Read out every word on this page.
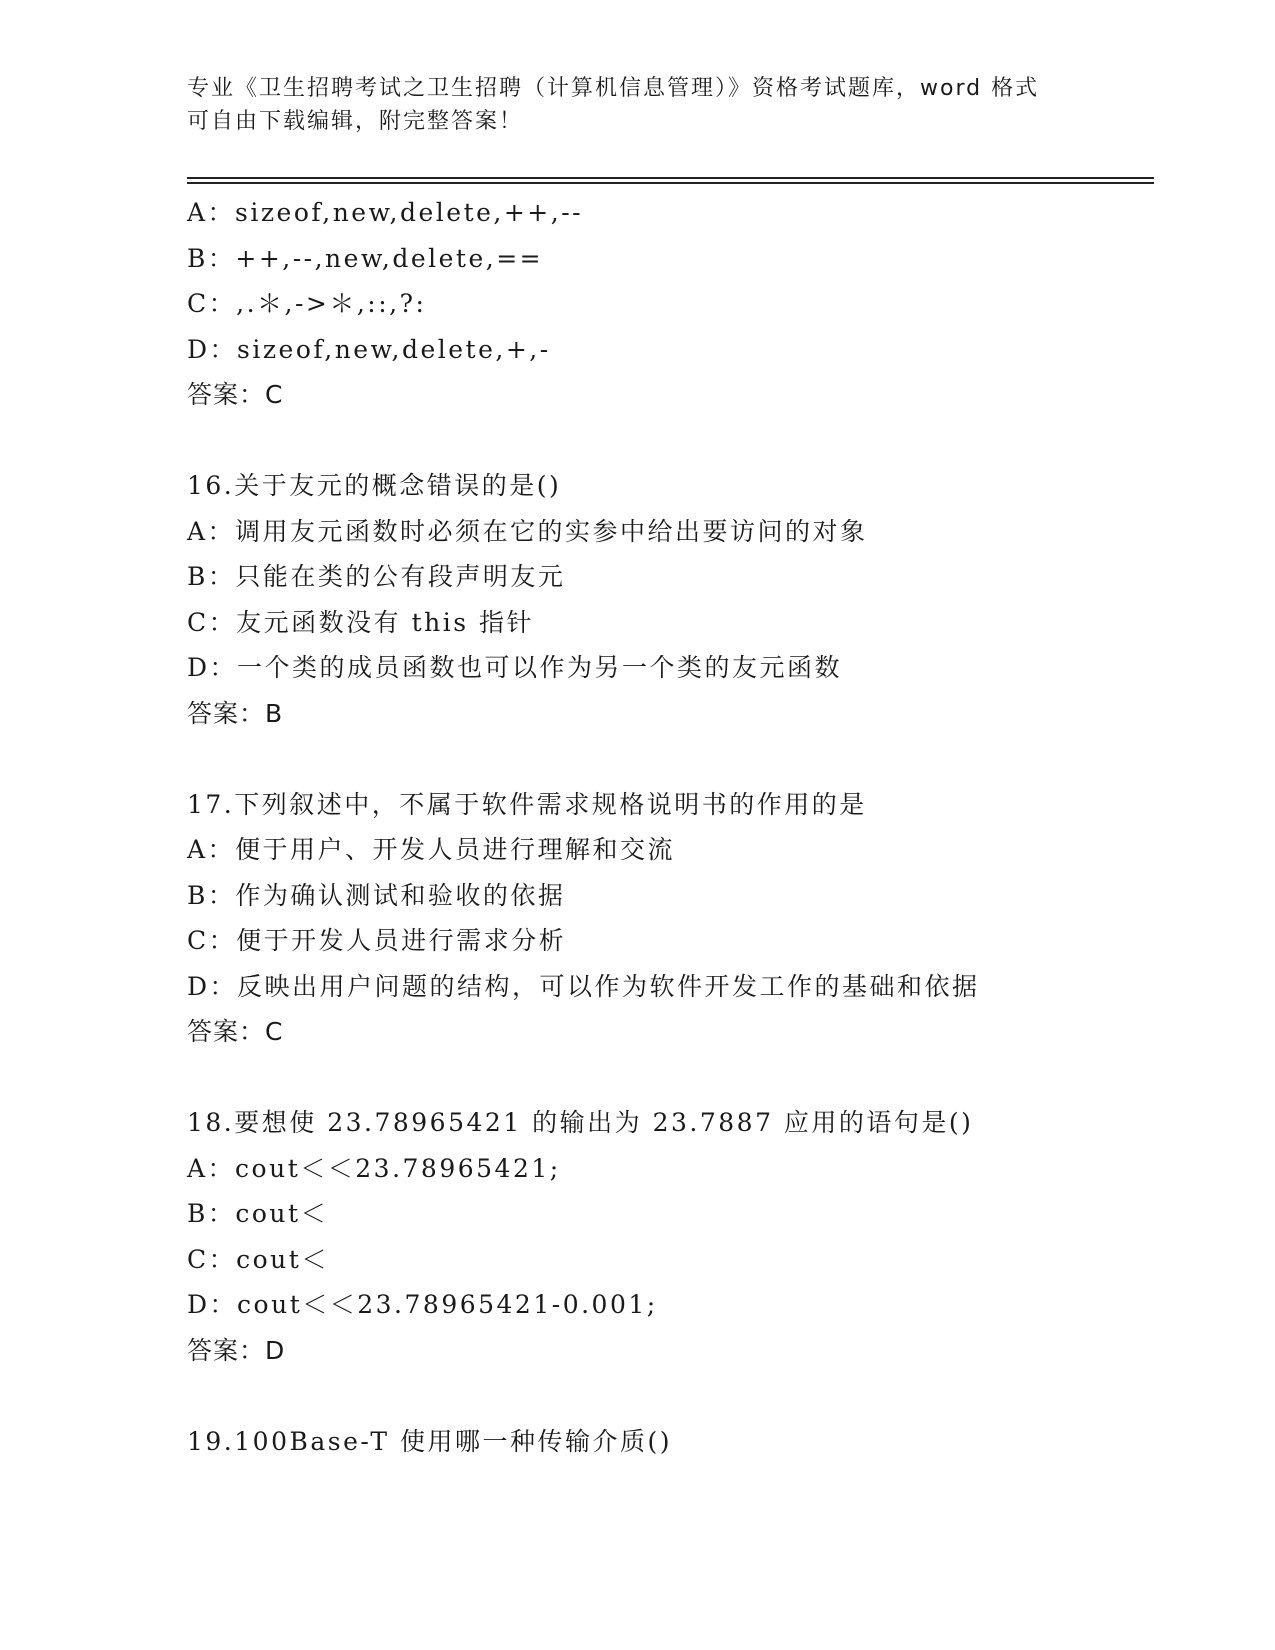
专业《卫生招聘考试之卫生招聘（计算机信息管理）》资格考试题库，word 格式
可自由下载编辑，附完整答案！
A：sizeof,new,delete,++,--
B：++,--,new,delete,==
C：,.＊,->＊,::,?:
D：sizeof,new,delete,+,-
答案：C
16.关于友元的概念错误的是()
A：调用友元函数时必须在它的实参中给出要访问的对象
B：只能在类的公有段声明友元
C：友元函数没有 this 指针
D：一个类的成员函数也可以作为另一个类的友元函数
答案：B
17.下列叙述中，不属于软件需求规格说明书的作用的是
A：便于用户、开发人员进行理解和交流
B：作为确认测试和验收的依据
C：便于开发人员进行需求分析
D：反映出用户问题的结构，可以作为软件开发工作的基础和依据
答案：C
18.要想使 23.78965421 的输出为 23.7887 应用的语句是()
A：cout＜＜23.78965421;
B：cout＜
C：cout＜
D：cout＜＜23.78965421-0.001;
答案：D
19.100Base-T 使用哪一种传输介质()
